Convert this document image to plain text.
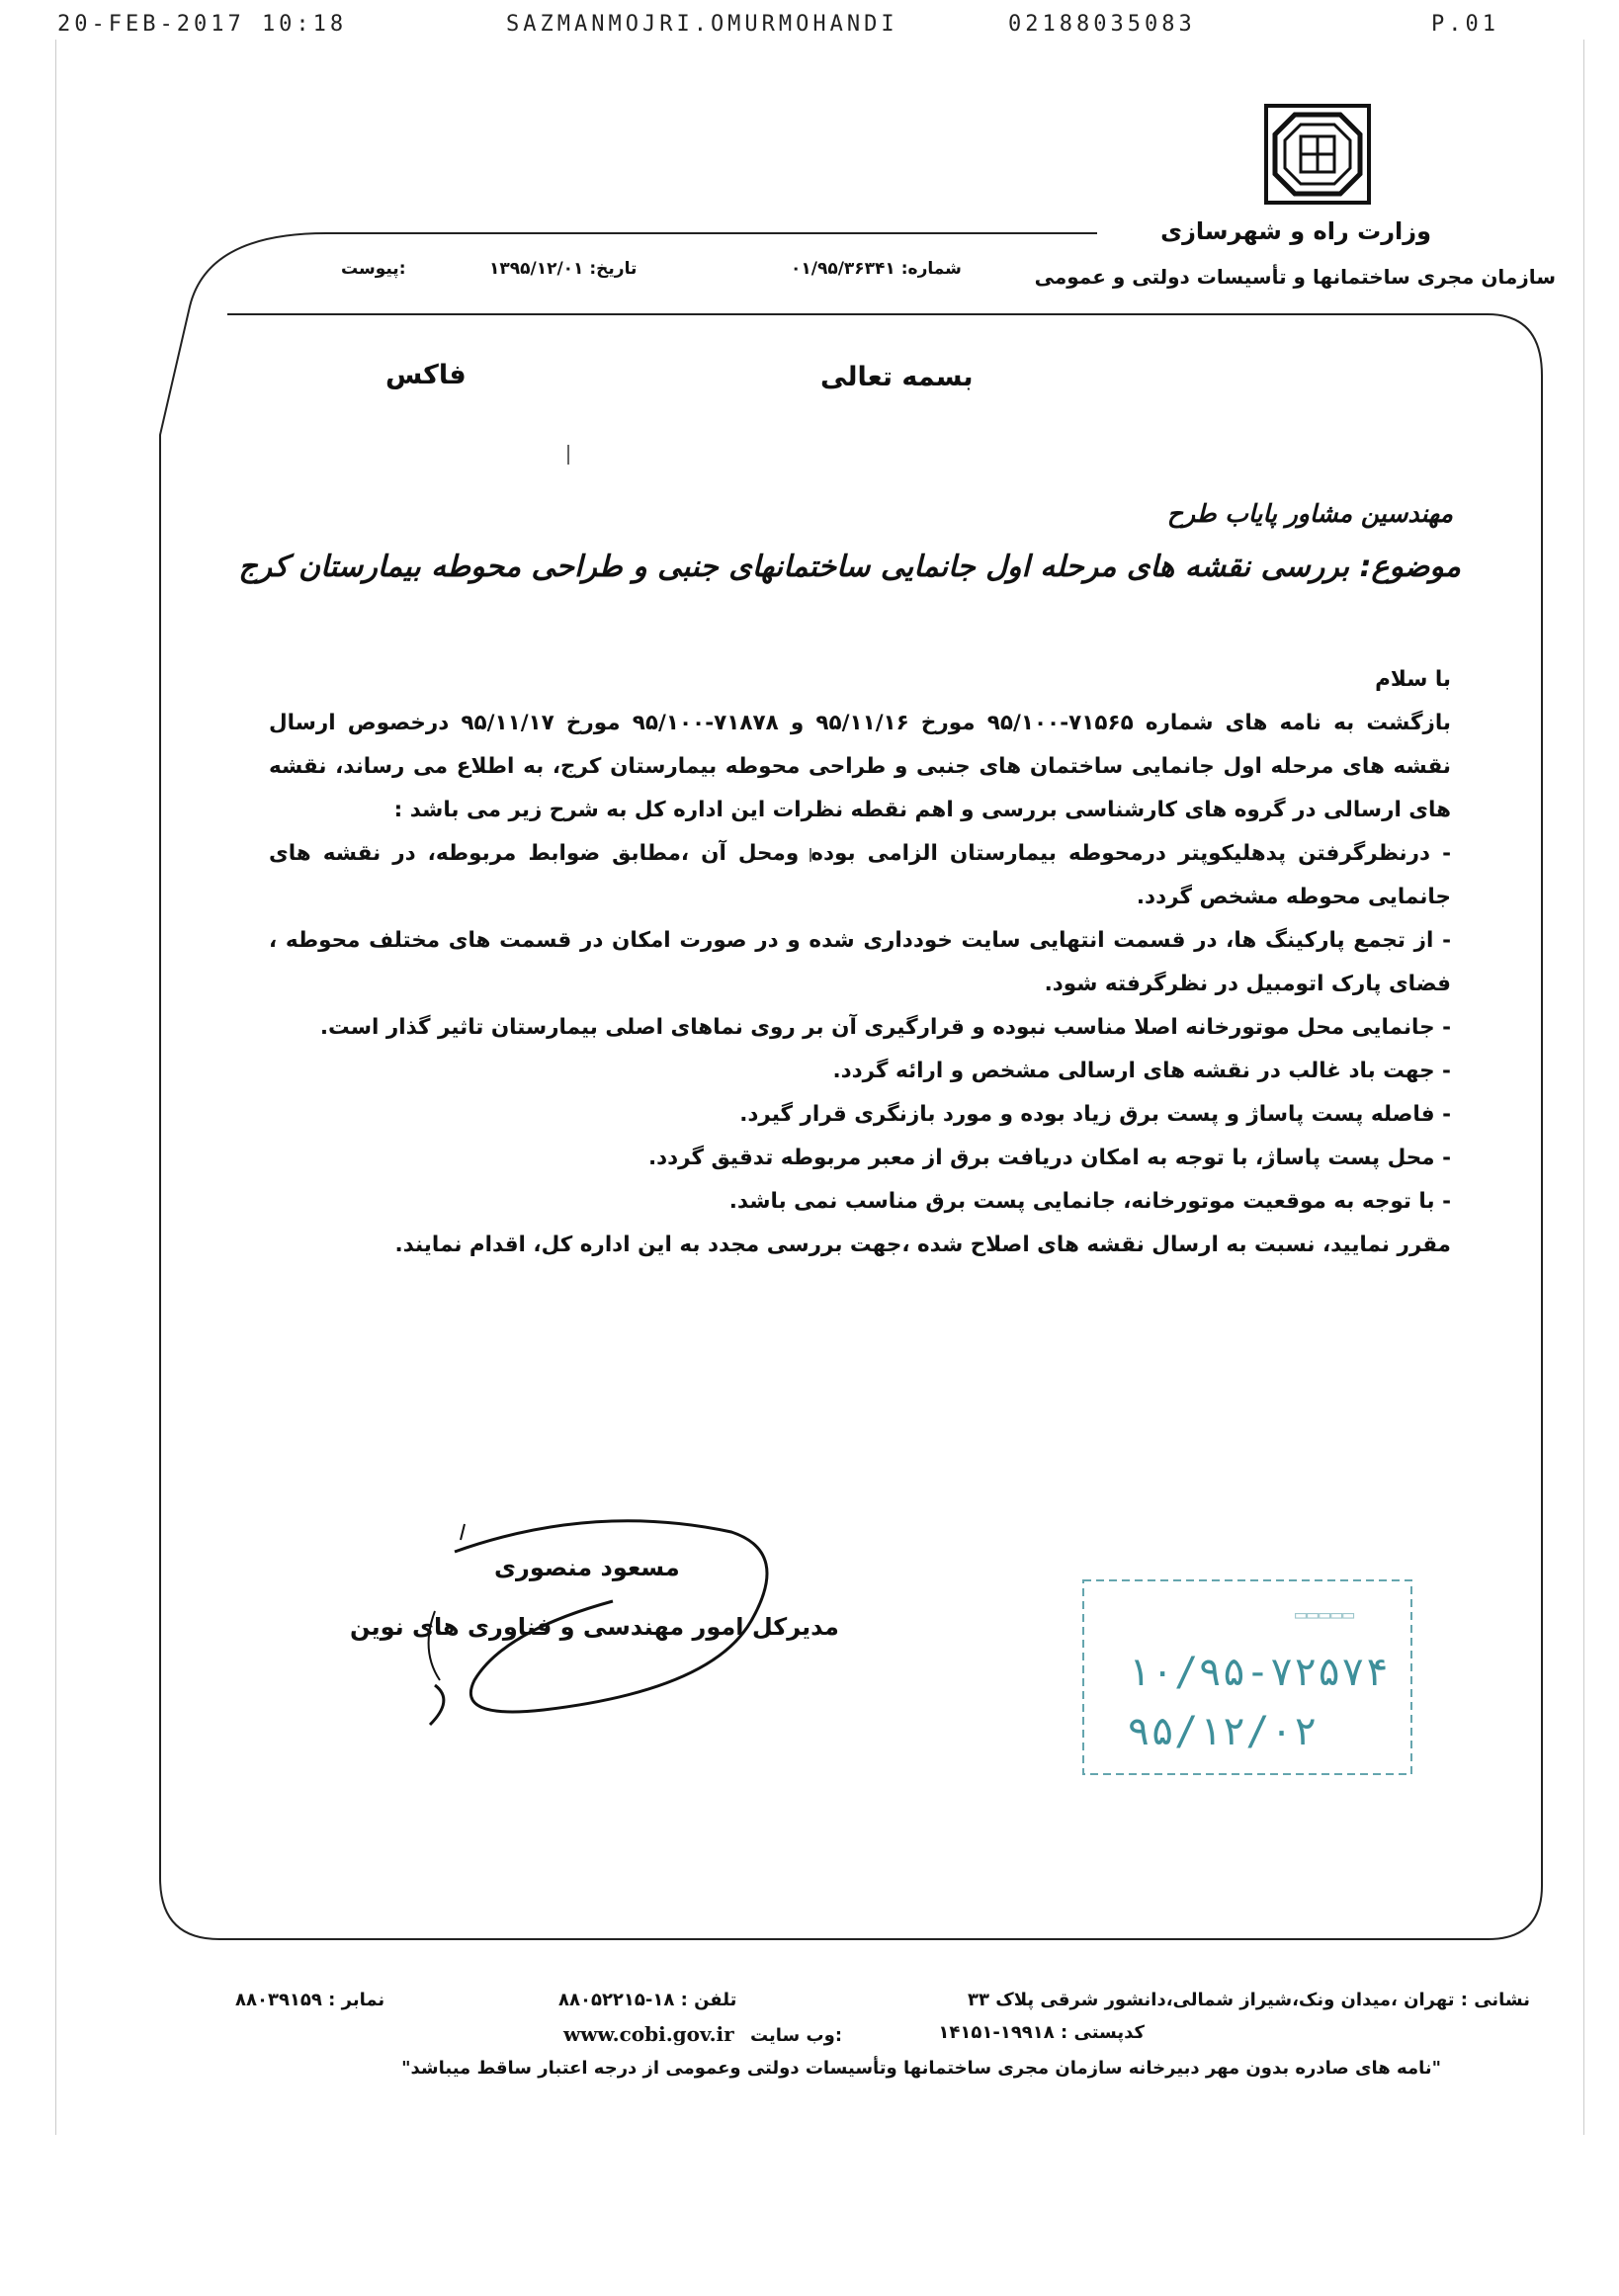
20-FEB-2017 10:18	SAZMANMOJRI.OMURMOHANDI	02188035083	P.01
وزارت راه و شهرسازی
سازمان مجری ساختمانها و تأسیسات دولتی و عمومی
شماره: ۰۱/۹۵/۳۶۳۴۱
تاریخ: ۱۳۹۵/۱۲/۰۱
پیوست:
بسمه تعالی
فاکس
مهندسین مشاور پایاب طرح
موضوع: بررسی نقشه های مرحله اول جانمایی ساختمانهای جنبی و طراحی محوطه بیمارستان کرج

با سلام

بازگشت به نامه های شماره ۷۱۵۶۵-۹۵/۱۰۰ مورخ ۹۵/۱۱/۱۶ و ۷۱۸۷۸-۹۵/۱۰۰ مورخ ۹۵/۱۱/۱۷ درخصوص ارسال نقشه های مرحله اول جانمایی ساختمان های جنبی و طراحی محوطه بیمارستان کرج، به اطلاع می رساند، نقشه های ارسالی در گروه های کارشناسی بررسی و اهم نقطه نظرات این اداره کل به شرح زیر می باشد :

- درنظرگرفتن پدهلیکوپتر درمحوطه بیمارستان الزامی بوده ومحل آن ،مطابق ضوابط مربوطه، در نقشه های جانمایی محوطه مشخص گردد.

- از تجمع پارکینگ ها، در قسمت انتهایی سایت خودداری شده و در صورت امکان در قسمت های مختلف محوطه ، فضای پارک اتومبیل در نظرگرفته شود.

- جانمایی محل موتورخانه اصلا مناسب نبوده و قرارگیری آن بر روی نماهای اصلی بیمارستان تاثیر گذار است.

- جهت باد غالب در نقشه های ارسالی مشخص و ارائه گردد.

- فاصله پست پاساژ و پست برق زیاد بوده و مورد بازنگری قرار گیرد.

- محل پست پاساژ، با توجه به امکان دریافت برق از معبر مربوطه تدقیق گردد.

- با توجه به موقعیت موتورخانه، جانمایی پست برق مناسب نمی باشد.

مقرر نمایید، نسبت به ارسال نقشه های اصلاح شده ،جهت بررسی مجدد به این اداره کل، اقدام نمایند.

مسعود منصوری
مدیرکل امور مهندسی و فناوری های نوین	▭▭▭▭▭
۱۰/۹۵-۷۲۵۷۴
۹۵/۱۲/۰۲
نمابر : ۸۸۰۳۹۱۵۹	تلفن : ۱۸-۸۸۰۵۲۲۱۵	نشانی : تهران ،میدان ونک،شیراز شمالی،دانشور شرقی پلاک ۳۳
www.cobi.gov.ir وب سایت:	کدپستی : ۱۹۹۱۸-۱۴۱۵۱
"نامه های صادره بدون مهر دبیرخانه سازمان مجری ساختمانها وتأسیسات دولتی وعمومی از درجه اعتبار ساقط میباشد"
